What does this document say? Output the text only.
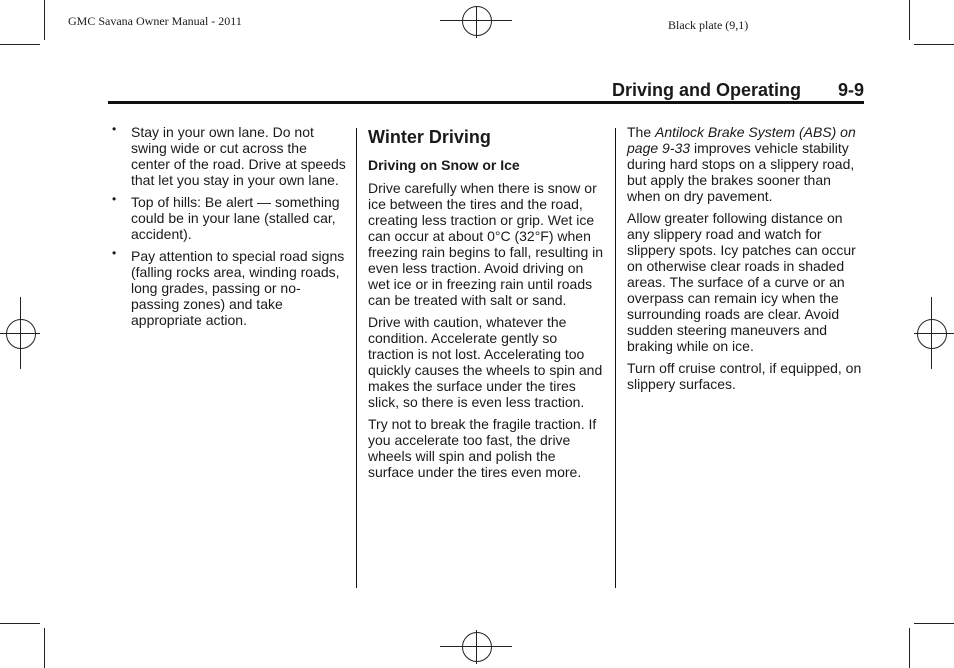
GMC Savana Owner Manual - 2011	Black plate (9,1)
Driving and Operating 9-9
• Stay in your own lane. Do not swing wide or cut across the center of the road. Drive at speeds that let you stay in your own lane.
• Top of hills: Be alert — something could be in your lane (stalled car, accident).
• Pay attention to special road signs (falling rocks area, winding roads, long grades, passing or no-passing zones) and take appropriate action.
Winter Driving
Driving on Snow or Ice

Drive carefully when there is snow or ice between the tires and the road, creating less traction or grip. Wet ice can occur at about 0°C (32°F) when freezing rain begins to fall, resulting in even less traction. Avoid driving on wet ice or in freezing rain until roads can be treated with salt or sand.

Drive with caution, whatever the condition. Accelerate gently so traction is not lost. Accelerating too quickly causes the wheels to spin and makes the surface under the tires slick, so there is even less traction.

Try not to break the fragile traction. If you accelerate too fast, the drive wheels will spin and polish the surface under the tires even more.

The Antilock Brake System (ABS) on page 9-33 improves vehicle stability during hard stops on a slippery road, but apply the brakes sooner than when on dry pavement.

Allow greater following distance on any slippery road and watch for slippery spots. Icy patches can occur on otherwise clear roads in shaded areas. The surface of a curve or an overpass can remain icy when the surrounding roads are clear. Avoid sudden steering maneuvers and braking while on ice.

Turn off cruise control, if equipped, on slippery surfaces.
